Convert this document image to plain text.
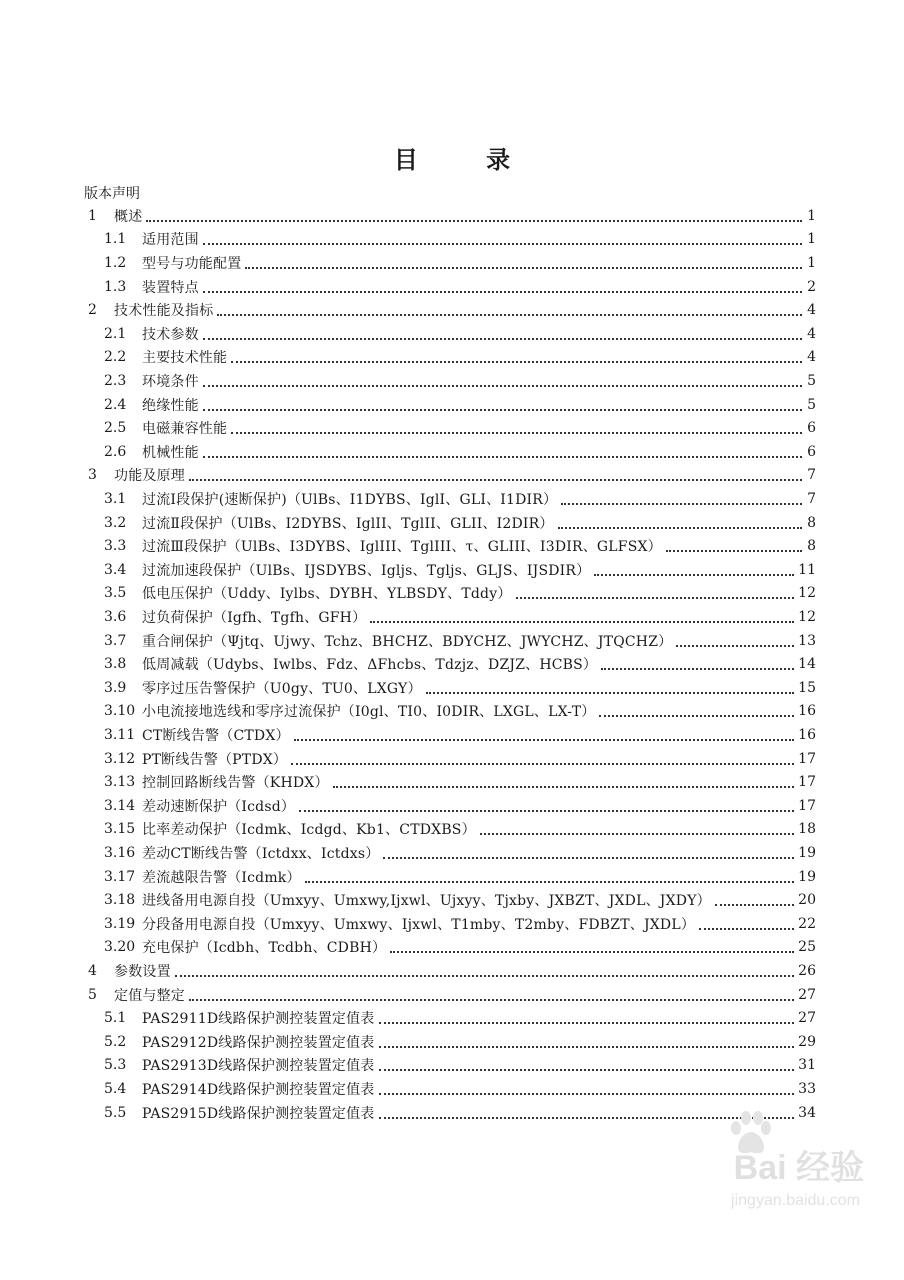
目 录
版本声明
1	概述	1
1.1	适用范围	1
1.2	型号与功能配置	1
1.3	装置特点	2
2	技术性能及指标	4
2.1	技术参数	4
2.2	主要技术性能	4
2.3	环境条件	5
2.4	绝缘性能	5
2.5	电磁兼容性能	6
2.6	机械性能	6
3	功能及原理	7
3.1	过流Ⅰ段保护(速断保护)（UlBs、I1DYBS、IglI、GLI、I1DIR）	7
3.2	过流Ⅱ段保护（UlBs、I2DYBS、IglII、TglII、GLII、I2DIR）	8
3.3	过流Ⅲ段保护（UlBs、I3DYBS、IglIII、TglIII、τ、GLIII、I3DIR、GLFSX）	8
3.4	过流加速段保护（UlBs、IJSDYBS、Igljs、Tgljs、GLJS、IJSDIR）	11
3.5	低电压保护（Uddy、Iylbs、DYBH、YLBSDY、Tddy）	12
3.6	过负荷保护（Igfh、Tgfh、GFH）	12
3.7	重合闸保护（Ψjtq、Ujwy、Tchz、BHCHZ、BDYCHZ、JWYCHZ、JTQCHZ）	13
3.8	低周减载（Udybs、Iwlbs、Fdz、ΔFhcbs、Tdzjz、DZJZ、HCBS）	14
3.9	零序过压告警保护（U0gy、TU0、LXGY）	15
3.10 小电流接地选线和零序过流保护（I0gl、TI0、I0DIR、LXGL、LX-T）	16
3.11 CT断线告警（CTDX）	16
3.12 PT断线告警（PTDX）	17
3.13 控制回路断线告警（KHDX）	17
3.14 差动速断保护（Icdsd）	17
3.15 比率差动保护（Icdmk、Icdgd、Kb1、CTDXBS）	18
3.16 差动CT断线告警（Ictdxx、Ictdxs）	19
3.17 差流越限告警（Icdmk）	19
3.18 进线备用电源自投（Umxyy、Umxwy,Ijxwl、Ujxyy、Tjxby、JXBZT、JXDL、JXDY）	20
3.19 分段备用电源自投（Umxyy、Umxwy、Ijxwl、T1mby、T2mby、FDBZT、JXDL）	22
3.20 充电保护（Icdbh、Tcdbh、CDBH）	25
4	参数设置	26
5	定值与整定	27
5.1	PAS2911D线路保护测控装置定值表	27
5.2	PAS2912D线路保护测控装置定值表	29
5.3	PAS2913D线路保护测控装置定值表	31
5.4	PAS2914D线路保护测控装置定值表	33
5.5	PAS2915D线路保护测控装置定值表	34
Bai 经验
jingyan.baidu.com
